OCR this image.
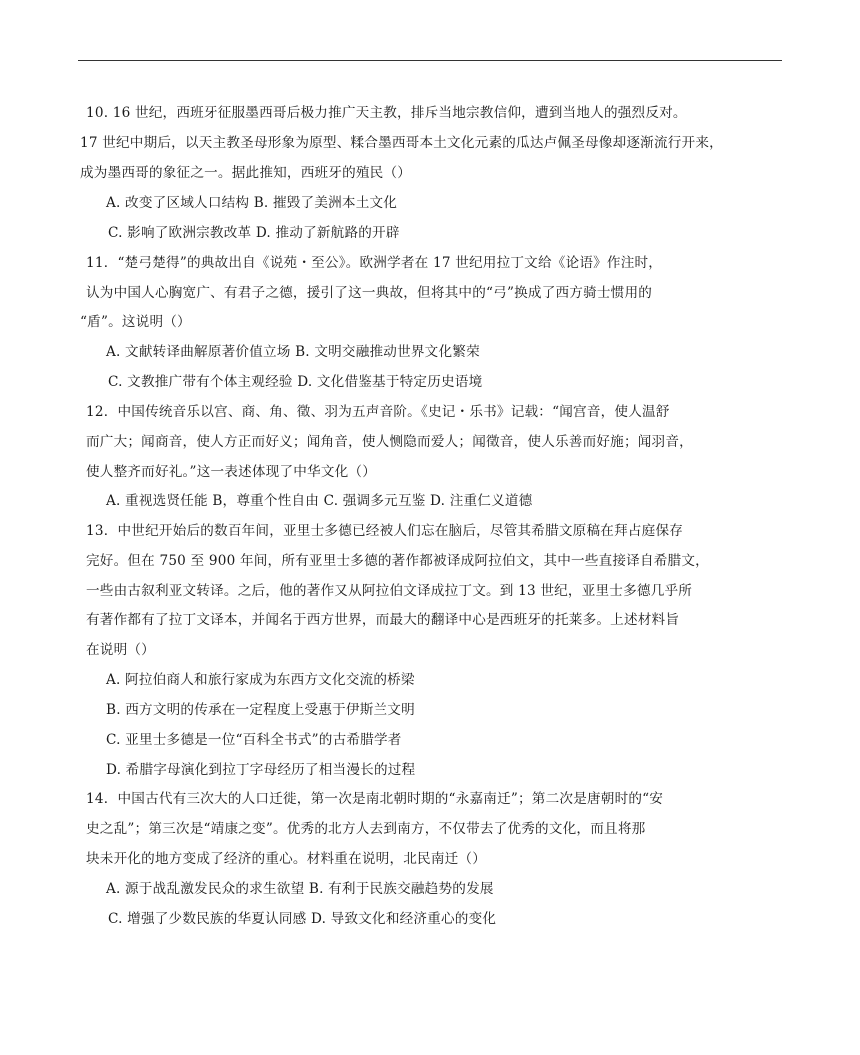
10. 16 世纪，西班牙征服墨西哥后极力推广天主教，排斥当地宗教信仰，遭到当地人的强烈反对。
17 世纪中期后，以天主教圣母形象为原型、糅合墨西哥本土文化元素的瓜达卢佩圣母像却逐渐流行开来，
成为墨西哥的象征之一。据此推知，西班牙的殖民（）
A. 改变了区域人口结构 B. 摧毁了美洲本土文化
C. 影响了欧洲宗教改革 D. 推动了新航路的开辟
11．“楚弓楚得”的典故出自《说苑・至公》。欧洲学者在 17 世纪用拉丁文给《论语》作注时，
认为中国人心胸宽广、有君子之德，援引了这一典故，但将其中的“弓”换成了西方骑士惯用的
“盾”。这说明（）
A. 文献转译曲解原著价值立场 B. 文明交融推动世界文化繁荣
C. 文教推广带有个体主观经验 D. 文化借鉴基于特定历史语境
12．中国传统音乐以宫、商、角、徵、羽为五声音阶。《史记・乐书》记载：“闻宫音，使人温舒
而广大；闻商音，使人方正而好义；闻角音，使人恻隐而爱人；闻徵音，使人乐善而好施；闻羽音，
使人整齐而好礼。”这一表述体现了中华文化（）
A. 重视选贤任能 B，尊重个性自由 C. 强调多元互鉴 D. 注重仁义道德
13．中世纪开始后的数百年间，亚里士多德已经被人们忘在脑后，尽管其希腊文原稿在拜占庭保存
完好。但在 750 至 900 年间，所有亚里士多德的著作都被译成阿拉伯文，其中一些直接译自希腊文，
一些由古叙利亚文转译。之后，他的著作又从阿拉伯文译成拉丁文。到 13 世纪，亚里士多德几乎所
有著作都有了拉丁文译本，并闻名于西方世界，而最大的翻译中心是西班牙的托莱多。上述材料旨
在说明（）
A. 阿拉伯商人和旅行家成为东西方文化交流的桥梁
B. 西方文明的传承在一定程度上受惠于伊斯兰文明
C. 亚里士多德是一位“百科全书式”的古希腊学者
D. 希腊字母演化到拉丁字母经历了相当漫长的过程
14．中国古代有三次大的人口迁徙，第一次是南北朝时期的“永嘉南迁”；第二次是唐朝时的“安
史之乱”；第三次是“靖康之变”。优秀的北方人去到南方，不仅带去了优秀的文化，而且将那
块未开化的地方变成了经济的重心。材料重在说明，北民南迁（）
A. 源于战乱激发民众的求生欲望 B. 有利于民族交融趋势的发展
C. 增强了少数民族的华夏认同感 D. 导致文化和经济重心的变化
